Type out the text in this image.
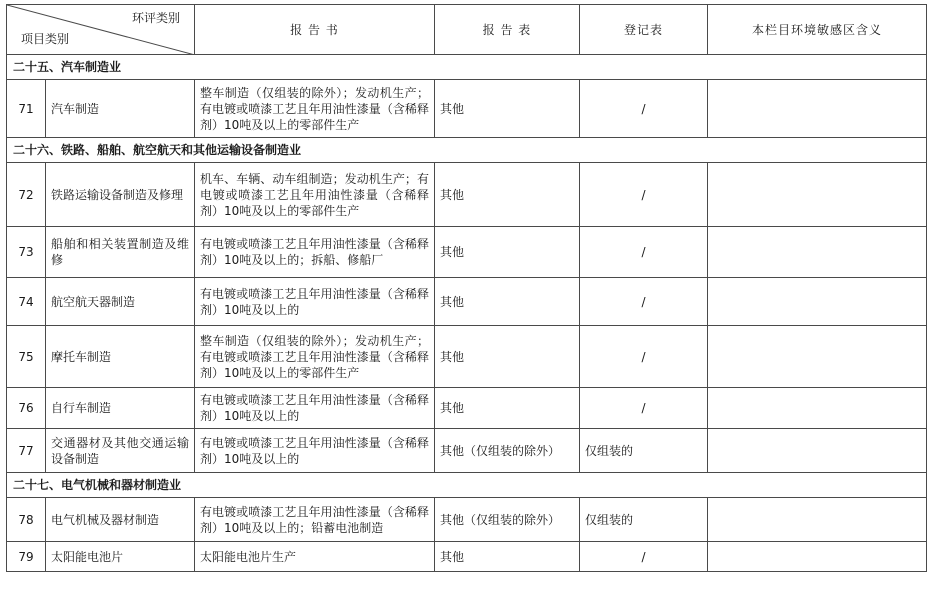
环评类别
项目类别		报 告 书	报 告 表	登记表	本栏目环境敏感区含义
二十五、汽车制造业					
71	汽车制造	整车制造（仅组装的除外）；发动机生产；有电镀或喷漆工艺且年用油性漆量（含稀释剂）10吨及以上的零部件生产	其他	/	
二十六、铁路、船舶、航空航天和其他运输设备制造业					
72	铁路运输设备制造及修理	机车、车辆、动车组制造；发动机生产；有电镀或喷漆工艺且年用油性漆量（含稀释剂）10吨及以上的零部件生产	其他	/	
73	船舶和相关装置制造及维修	有电镀或喷漆工艺且年用油性漆量（含稀释剂）10吨及以上的；拆船、修船厂	其他	/	
74	航空航天器制造	有电镀或喷漆工艺且年用油性漆量（含稀释剂）10吨及以上的	其他	/	
75	摩托车制造	整车制造（仅组装的除外）；发动机生产；有电镀或喷漆工艺且年用油性漆量（含稀释剂）10吨及以上的零部件生产	其他	/	
76	自行车制造	有电镀或喷漆工艺且年用油性漆量（含稀释剂）10吨及以上的	其他	/	
77	交通器材及其他交通运输设备制造	有电镀或喷漆工艺且年用油性漆量（含稀释剂）10吨及以上的	其他（仅组装的除外）	仅组装的	
二十七、电气机械和器材制造业					
78	电气机械及器材制造	有电镀或喷漆工艺且年用油性漆量（含稀释剂）10吨及以上的；铅蓄电池制造	其他（仅组装的除外）	仅组装的	
79	太阳能电池片	太阳能电池片生产	其他	/	
